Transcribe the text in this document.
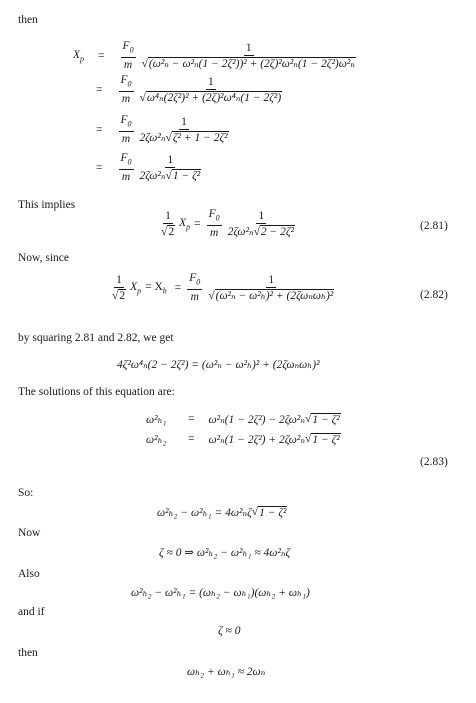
then
$X_p = \frac{F_0}{m} \frac{1}{\text{√(ω²ₙ − ω²ₙ(1 − 2ζ²))² + (2ζ)²ω²ₙ(1 − 2ζ²)ω²ₙ}}$
= $\frac{F_0}{m} \frac{1}{\text{√ω⁴ₙ(2ζ²)² + (2ζ)²ω⁴ₙ(1 − 2ζ²)}}$
= $\frac{F_0}{m} \frac{1}{\text{2ζω²ₙ√ζ² + 1 − 2ζ²}}$
= $\frac{F_0}{m} \frac{1}{\text{2ζω²ₙ√1 − ζ²}}$
This implies
$\frac{1}{√2} X_p = \frac{F_0}{m} \frac{1}{\text{2ζω²ₙ√2 − 2ζ²}}$	(2.81)
Now, since
$\frac{1}{√2} X_p = X_h = \frac{F_0}{m} \frac{1}{\text{√(ω²ₙ − ω²ₕ)² + (2ζωₙωₕ)²}}$	(2.82)
by squaring 2.81 and 2.82, we get
4ζ²ω⁴ₙ(2 − 2ζ²) = (ω²ₙ − ω²ₕ)² + (2ζωₙωₕ)²
The solutions of this equation are:
ω²ₕ₁	= ω²ₙ(1 − 2ζ²) − 2ζω²ₙ √ 1 − ζ²
ω²ₕ₂	= ω²ₙ(1 − 2ζ²) + 2ζω²ₙ √ 1 − ζ²
(2.83)
So:
ω²ₕ₂ − ω²ₕ₁ = 4ω²ₙζ √ 1 − ζ²
Now
ζ ≈ 0 ⇒ ω²ₕ₂ − ω²ₕ₁ ≈ 4ω²ₙζ
Also
ω²ₕ₂ − ω²ₕ₁ = (ωₕ₂ − ωₕ₁)(ωₕ₂ + ωₕ₁)
and if
ζ ≈ 0
then
ωₕ₂ + ωₕ₁ ≈ 2ωₙ
